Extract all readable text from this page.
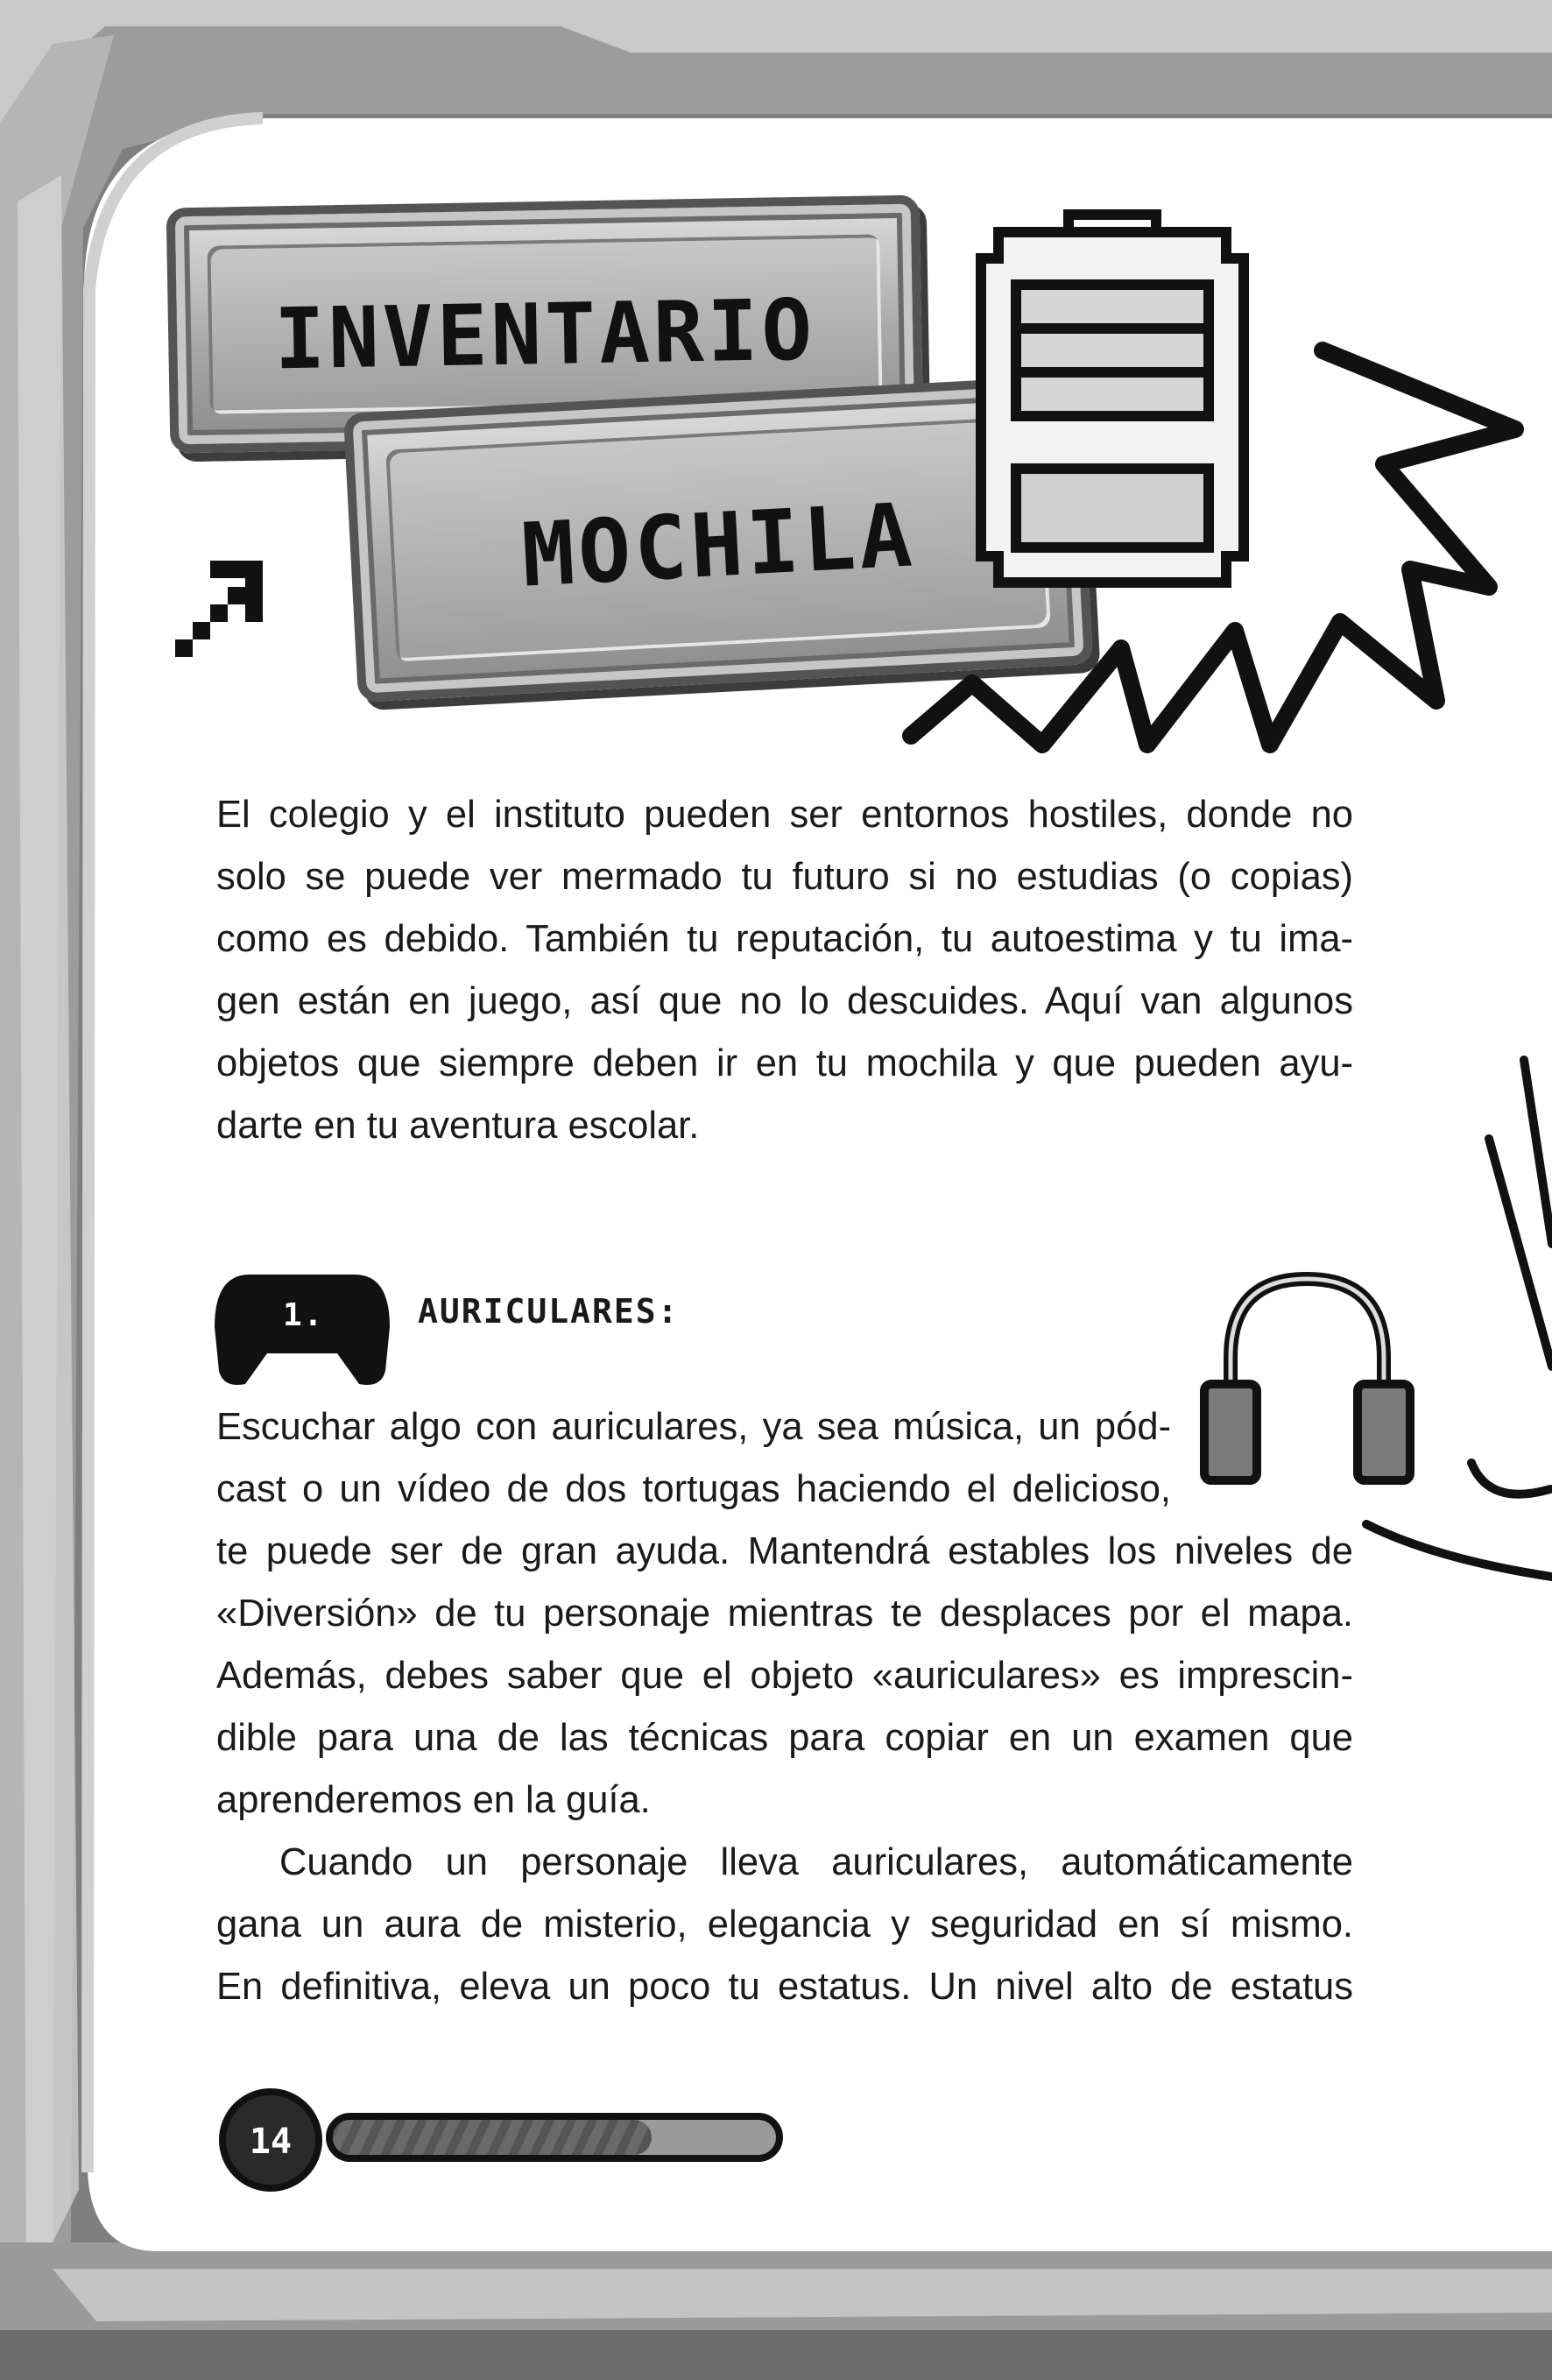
INVENTARIO
MOCHILA

El colegio y el instituto pueden ser entornos hostiles, donde no

solo se puede ver mermado tu futuro si no estudias (o copias)

como es debido. También tu reputación, tu autoestima y tu ima-

gen están en juego, así que no lo descuides. Aquí van algunos

objetos que siempre deben ir en tu mochila y que pueden ayu-

darte en tu aventura escolar.

1.	AURICULARES:

Escuchar algo con auriculares, ya sea música, un pód-

cast o un vídeo de dos tortugas haciendo el delicioso,

te puede ser de gran ayuda. Mantendrá estables los niveles de

«Diversión» de tu personaje mientras te desplaces por el mapa.

Además, debes saber que el objeto «auriculares» es imprescin-

dible para una de las técnicas para copiar en un examen que

aprenderemos en la guía.

Cuando un personaje lleva auriculares, automáticamente

gana un aura de misterio, elegancia y seguridad en sí mismo.

En definitiva, eleva un poco tu estatus. Un nivel alto de estatus

14
